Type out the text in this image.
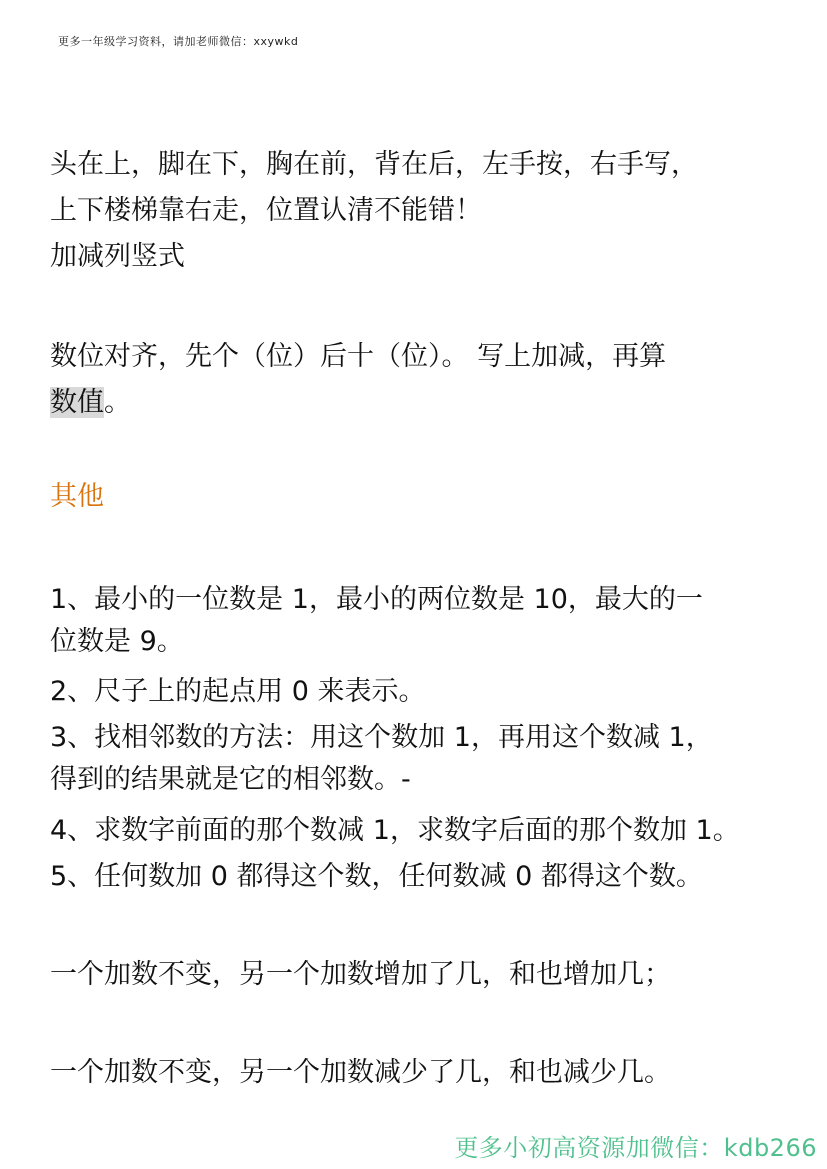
更多一年级学习资料，请加老师微信：xxywkd
头在上，脚在下，胸在前，背在后，左手按，右手写，
上下楼梯靠右走，位置认清不能错！
加减列竖式
数位对齐，先个（位）后十（位）。 写上加减，再算
数值。
其他
1、最小的一位数是 1，最小的两位数是 10，最大的一
位数是 9。
2、尺子上的起点用 0 来表示。
3、找相邻数的方法：用这个数加 1，再用这个数减 1，
得到的结果就是它的相邻数。-
4、求数字前面的那个数减 1，求数字后面的那个数加 1。
5、任何数加 0 都得这个数，任何数减 0 都得这个数。
一个加数不变，另一个加数增加了几，和也增加几；
一个加数不变，另一个加数减少了几，和也减少几。
更多小初高资源加微信：kdb266
